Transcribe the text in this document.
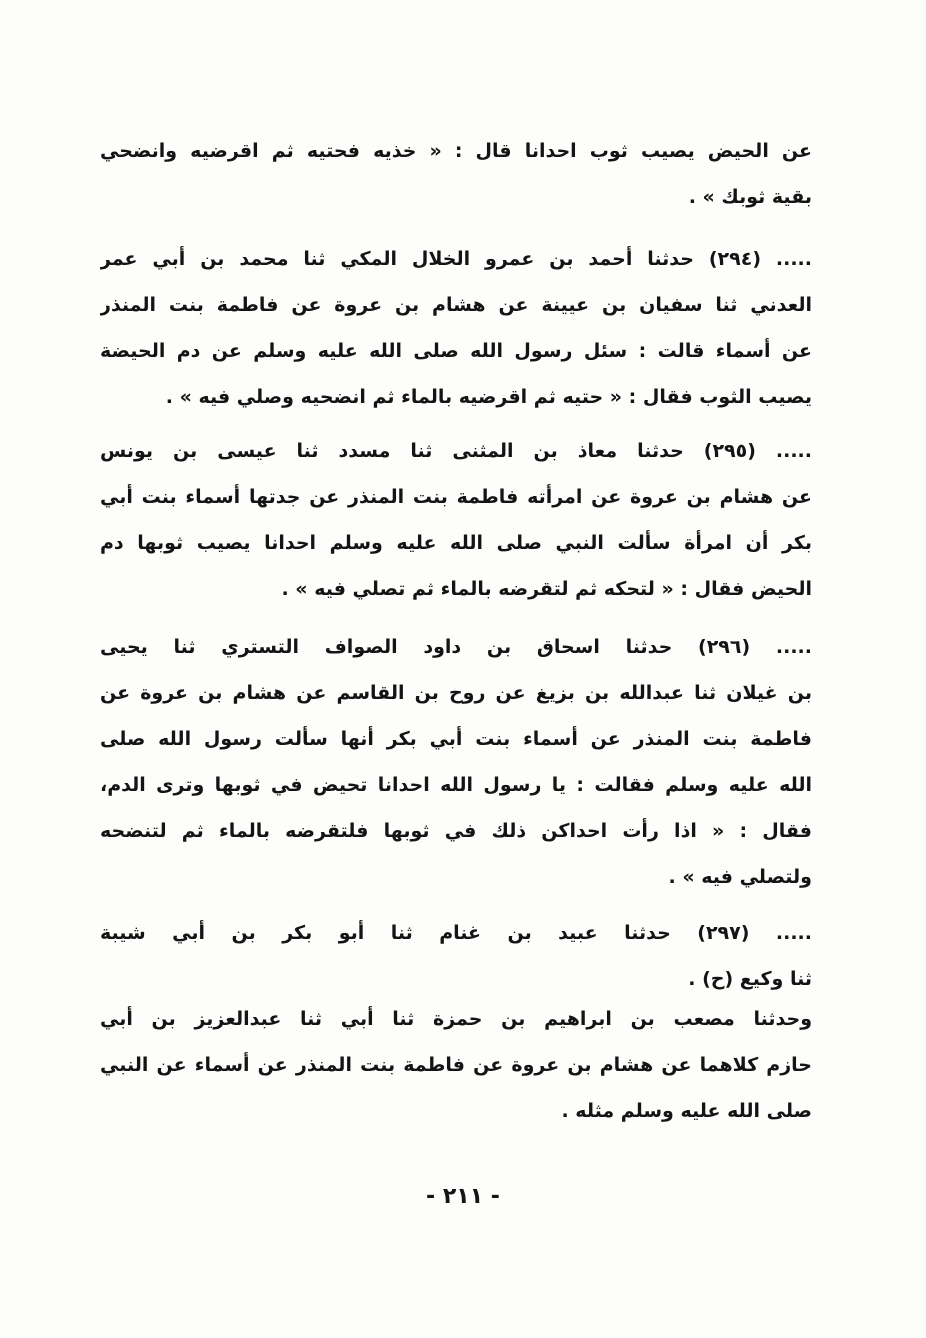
عن الحيض يصيب ثوب احدانا قال : « خذيه فحتيه ثم اقرضيه وانضحي
بقية ثوبك » .

..... (٢٩٤) حدثنا أحمد بن عمرو الخلال المكي ثنا محمد بن أبي عمر
العدني ثنا سفيان بن عيينة عن هشام بن عروة عن فاطمة بنت المنذر
عن أسماء قالت : سئل رسول الله صلى الله عليه وسلم عن دم الحيضة
يصيب الثوب فقال : « حتيه ثم اقرضيه بالماء ثم انضحيه وصلي فيه » .

..... (٢٩٥) حدثنا معاذ بن المثنى ثنا مسدد ثنا عيسى بن يونس
عن هشام بن عروة عن امرأته فاطمة بنت المنذر عن جدتها أسماء بنت أبي
بكر أن امرأة سألت النبي صلى الله عليه وسلم احدانا يصيب ثوبها دم
الحيض فقال : « لتحكه ثم لتقرضه بالماء ثم تصلي فيه » .

..... (٢٩٦) حدثنا اسحاق بن داود الصواف التستري ثنا يحيى
بن غيلان ثنا عبدالله بن بزيغ عن روح بن القاسم عن هشام بن عروة عن
فاطمة بنت المنذر عن أسماء بنت أبي بكر أنها سألت رسول الله صلى
الله عليه وسلم فقالت : يا رسول الله احدانا تحيض في ثوبها وترى الدم،
فقال : « اذا رأت احداكن ذلك في ثوبها فلتقرضه بالماء ثم لتنضحه
ولتصلي فيه » .

..... (٢٩٧) حدثنا عبيد بن غنام ثنا أبو بكر بن أبي شيبة
ثنا وكيع (ح) .

وحدثنا مصعب بن ابراهيم بن حمزة ثنا أبي ثنا عبدالعزيز بن أبي
حازم كلاهما عن هشام بن عروة عن فاطمة بنت المنذر عن أسماء عن النبي
صلى الله عليه وسلم مثله .

- ٢١١ -
